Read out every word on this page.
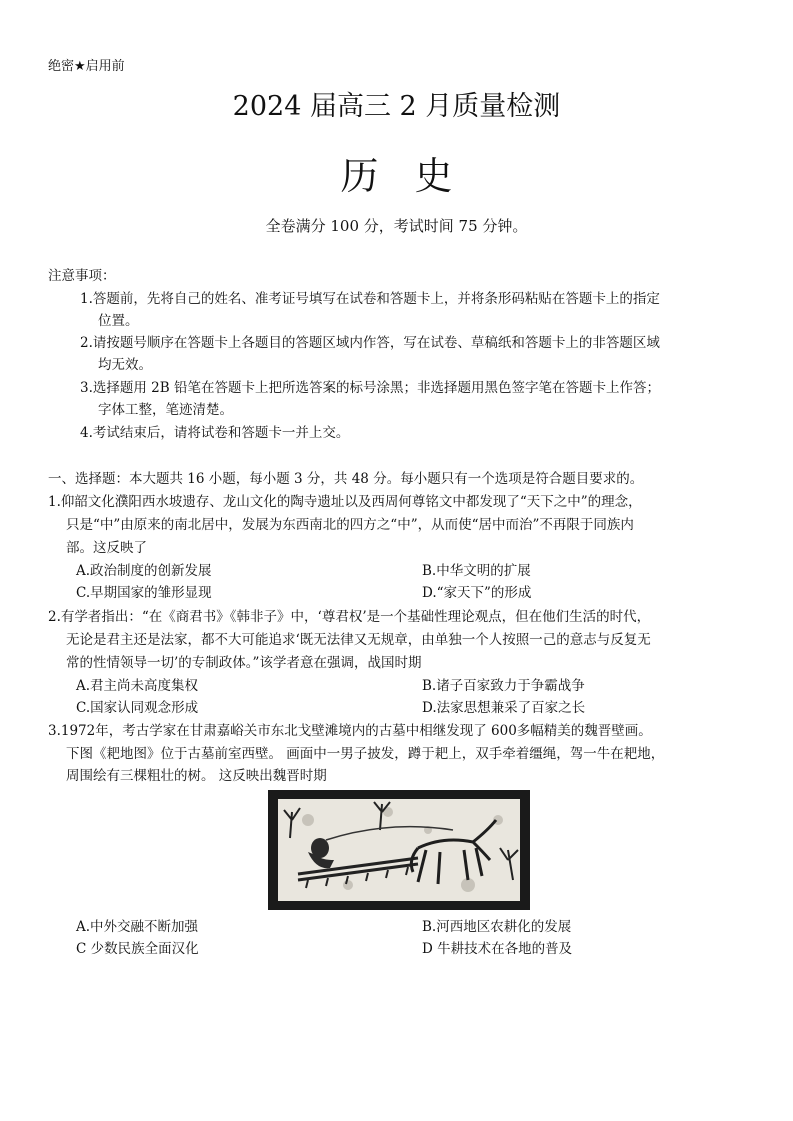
绝密★启用前
2024 届高三 2 月质量检测
历史
全卷满分 100 分，考试时间 75 分钟。
注意事项：
1.答题前，先将自己的姓名、准考证号填写在试卷和答题卡上，并将条形码粘贴在答题卡上的指定
位置。
2.请按题号顺序在答题卡上各题目的答题区域内作答，写在试卷、草稿纸和答题卡上的非答题区域
均无效。
3.选择题用 2B 铅笔在答题卡上把所选答案的标号涂黑；非选择题用黑色签字笔在答题卡上作答；
字体工整，笔迹清楚。
4.考试结束后，请将试卷和答题卡一并上交。
一、选择题：本大题共 16 小题，每小题 3 分，共 48 分。每小题只有一个选项是符合题目要求的。
1.仰韶文化濮阳西水坡遗存、龙山文化的陶寺遗址以及西周何尊铭文中都发现了“天下之中”的理念，
只是“中”由原来的南北居中，发展为东西南北的四方之“中”，从而使“居中而治”不再限于同族内
部。这反映了
A.政治制度的创新发展	B.中华文明的扩展
C.早期国家的雏形显现	D.“家天下”的形成
2.有学者指出：“在《商君书》《韩非子》中，‘尊君权’是一个基础性理论观点，但在他们生活的时代，
无论是君主还是法家，都不大可能追求‘既无法律又无规章，由单独一个人按照一己的意志与反复无
常的性情领导一切’的专制政体。”该学者意在强调，战国时期
A.君主尚未高度集权	B.诸子百家致力于争霸战争
C.国家认同观念形成	D.法家思想兼采了百家之长
3.1972年，考古学家在甘肃嘉峪关市东北戈壁滩境内的古墓中相继发现了 600多幅精美的魏晋壁画。
下图《耙地图》位于古墓前室西壁。 画面中一男子披发，蹲于耙上，双手牵着缰绳，驾一牛在耙地，
周围绘有三棵粗壮的树。 这反映出魏晋时期
A.中外交融不断加强	B.河西地区农耕化的发展
C 少数民族全面汉化	D 牛耕技术在各地的普及
